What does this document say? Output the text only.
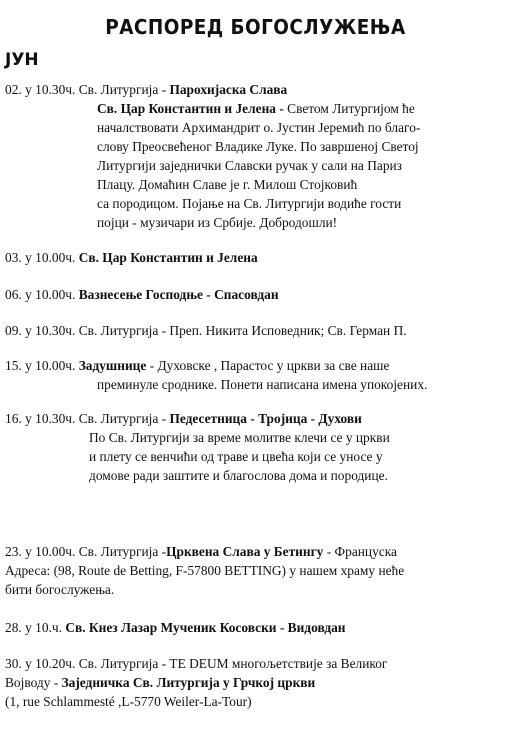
РАСПОРЕД БОГОСЛУЖЕЊА
ЈУН
02. у 10.30ч. Св. Литургија - Парохијаска Слава
Св. Цар Константин и Јелена - Светом Литургијом ће
началствовати Архимандрит о. Јустин Јеремић по благо-
слову Преосвећеног Владике Луке. По завршеној Светој
Литургији заједнички Славски ручак у сали на Париз
Плацу. Домаћин Славе је г. Милош Стојковић
са породицом. Појање на Св. Литургији водиће гости
појци - музичари из Србије. Добродошли!
03. у 10.00ч. Св. Цар Константин и Јелена
06. у 10.00ч. Вазнесење Господње - Спасовдан
09. у 10.30ч. Св. Литургија - Преп. Никита Исповедник; Св. Герман П.
15. у 10.00ч. Задушнице - Духовске , Парастос у цркви за све наше
преминуле сроднике. Понети написана имена упокојених.
16. у 10.30ч. Св. Литургија - Педесетница - Тројица - Духови
По Св. Литургији за време молитве клечи се у цркви
и плету се венчићи од траве и цвећа који се уносе у
домове ради заштите и благослова дома и породице.
23. у 10.00ч. Св. Литургија -Црквена Слава у Бетингу - Француска
Адреса: (98, Route de Betting, F-57800 BETTING) у нашем храму неће
бити богослужења.
28. у 10.ч. Св. Кнез Лазар Мученик Косовски - Видовдан
30. у 10.20ч. Св. Литургија - TE DEUM многољетствије за Великог
Војводу - Заједничка Св. Литургија у Грчкој цркви
(1, rue Schlammesté ,L-5770 Weiler-La-Tour)
